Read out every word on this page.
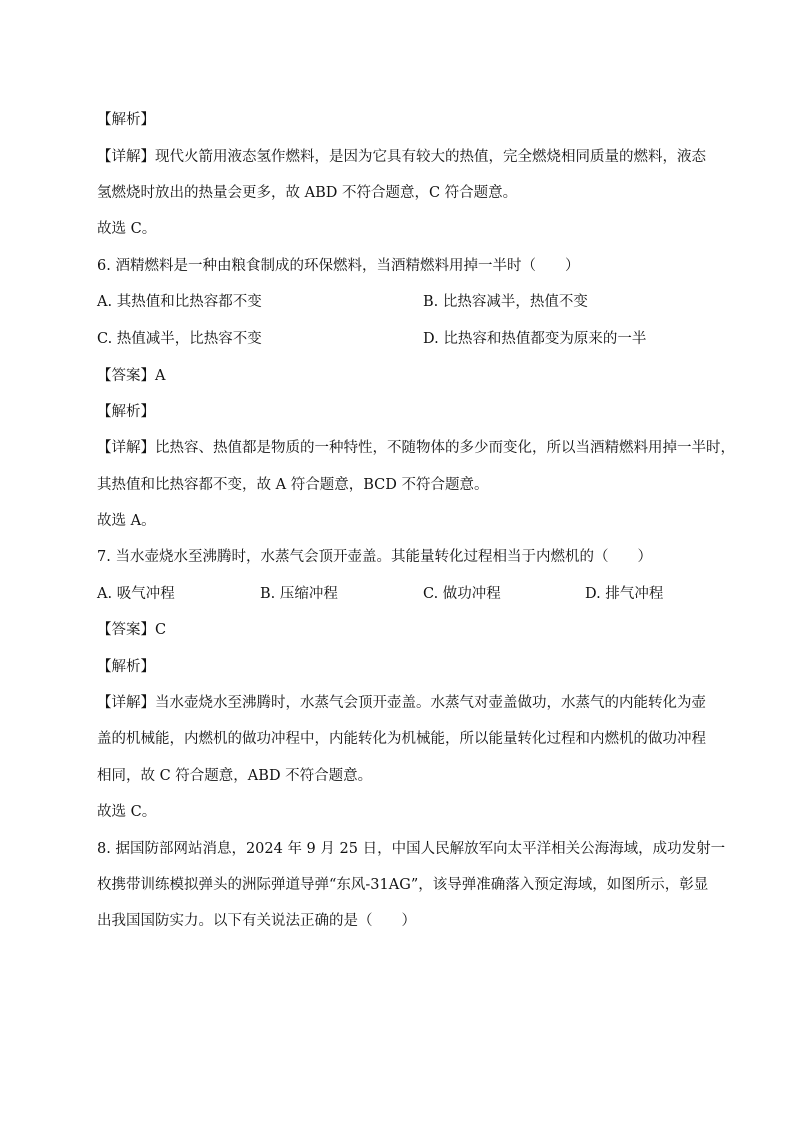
【解析】
【详解】现代火箭用液态氢作燃料，是因为它具有较大的热值，完全燃烧相同质量的燃料，液态
氢燃烧时放出的热量会更多，故 ABD 不符合题意，C 符合题意。
故选 C。
6. 酒精燃料是一种由粮食制成的环保燃料，当酒精燃料用掉一半时（　　）
A. 其热值和比热容都不变	B. 比热容减半，热值不变
C. 热值减半，比热容不变	D. 比热容和热值都变为原来的一半
【答案】A
【解析】
【详解】比热容、热值都是物质的一种特性，不随物体的多少而变化，所以当酒精燃料用掉一半时，
其热值和比热容都不变，故 A 符合题意，BCD 不符合题意。
故选 A。
7. 当水壶烧水至沸腾时，水蒸气会顶开壶盖。其能量转化过程相当于内燃机的（　　）
A. 吸气冲程	B. 压缩冲程	C. 做功冲程	D. 排气冲程
【答案】C
【解析】
【详解】当水壶烧水至沸腾时，水蒸气会顶开壶盖。水蒸气对壶盖做功，水蒸气的内能转化为壶
盖的机械能，内燃机的做功冲程中，内能转化为机械能，所以能量转化过程和内燃机的做功冲程
相同，故 C 符合题意，ABD 不符合题意。
故选 C。
8. 据国防部网站消息，2024 年 9 月 25 日，中国人民解放军向太平洋相关公海海域，成功发射一
枚携带训练模拟弹头的洲际弹道导弹“东风-31AG”，该导弹准确落入预定海域，如图所示，彰显
出我国国防实力。以下有关说法正确的是（　　）
